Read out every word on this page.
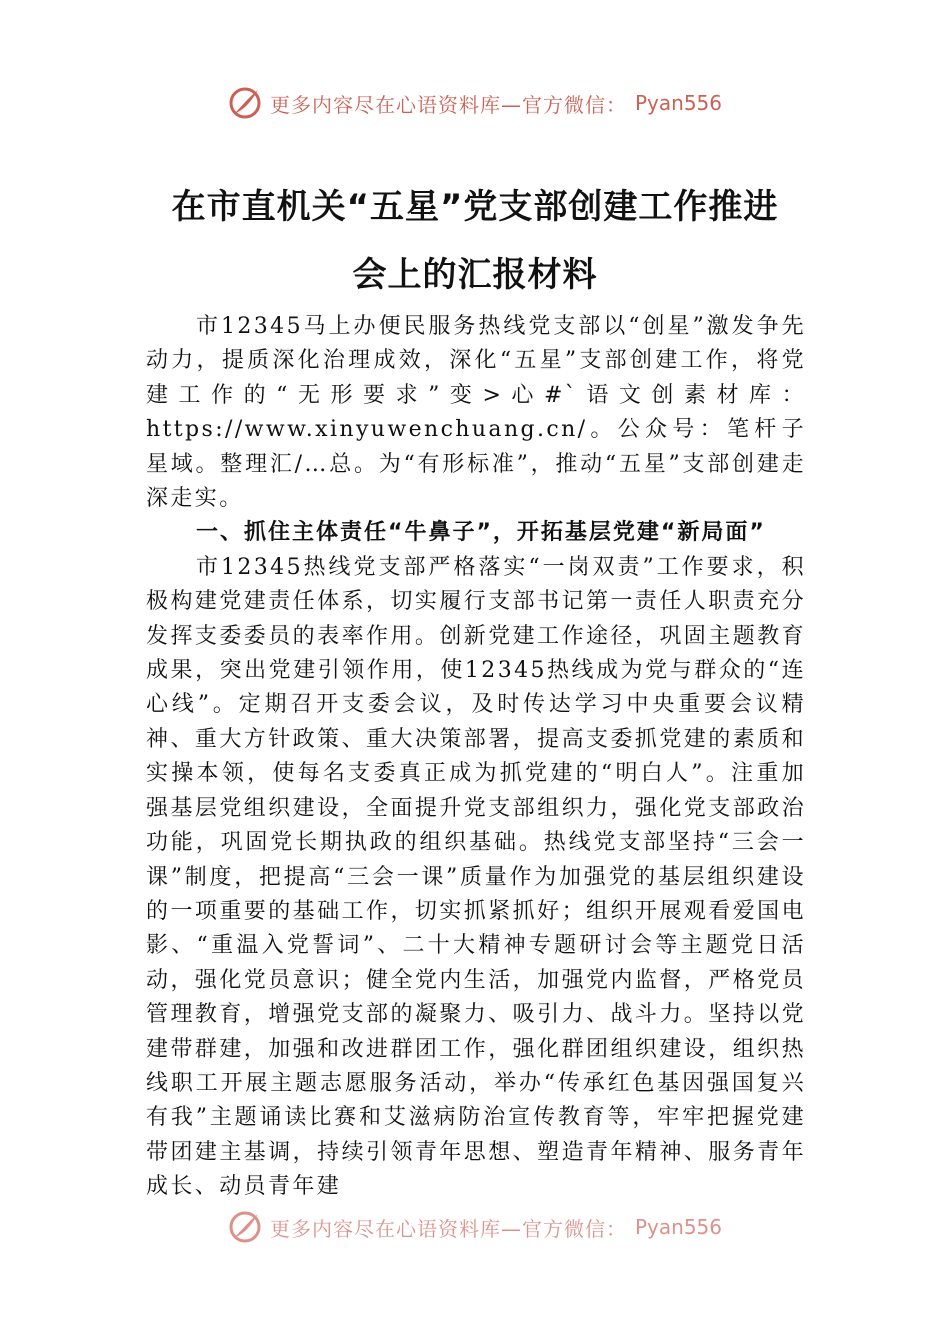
更多内容尽在心语资料库—官方微信： Pyan556
在市直机关“五星”党支部创建工作推进
会上的汇报材料

市12345马上办便民服务热线党支部以“创星”激发争先动力，提质深化治理成效，深化“五星”支部创建工作，将党建工作的“无形要求”变>心#`语文创素材库：https://www.xinyuwenchuang.cn/。公众号：笔杆子星域。整理汇/…总。为“有形标准”，推动“五星”支部创建走深走实。

一、抓住主体责任“牛鼻子”，开拓基层党建“新局面”

市12345热线党支部严格落实“一岗双责”工作要求，积极构建党建责任体系，切实履行支部书记第一责任人职责充分发挥支委委员的表率作用。创新党建工作途径，巩固主题教育成果，突出党建引领作用，使12345热线成为党与群众的“连心线”。定期召开支委会议，及时传达学习中央重要会议精神、重大方针政策、重大决策部署，提高支委抓党建的素质和实操本领，使每名支委真正成为抓党建的“明白人”。注重加强基层党组织建设，全面提升党支部组织力，强化党支部政治功能，巩固党长期执政的组织基础。热线党支部坚持“三会一课”制度，把提高“三会一课”质量作为加强党的基层组织建设的一项重要的基础工作，切实抓紧抓好；组织开展观看爱国电影、“重温入党誓词”、二十大精神专题研讨会等主题党日活动，强化党员意识；健全党内生活，加强党内监督，严格党员管理教育，增强党支部的凝聚力、吸引力、战斗力。坚持以党建带群建，加强和改进群团工作，强化群团组织建设，组织热线职工开展主题志愿服务活动，举办“传承红色基因强国复兴有我”主题诵读比赛和艾滋病防治宣传教育等，牢牢把握党建带团建主基调，持续引领青年思想、塑造青年精神、服务青年成长、动员青年建

更多内容尽在心语资料库—官方微信： Pyan556
